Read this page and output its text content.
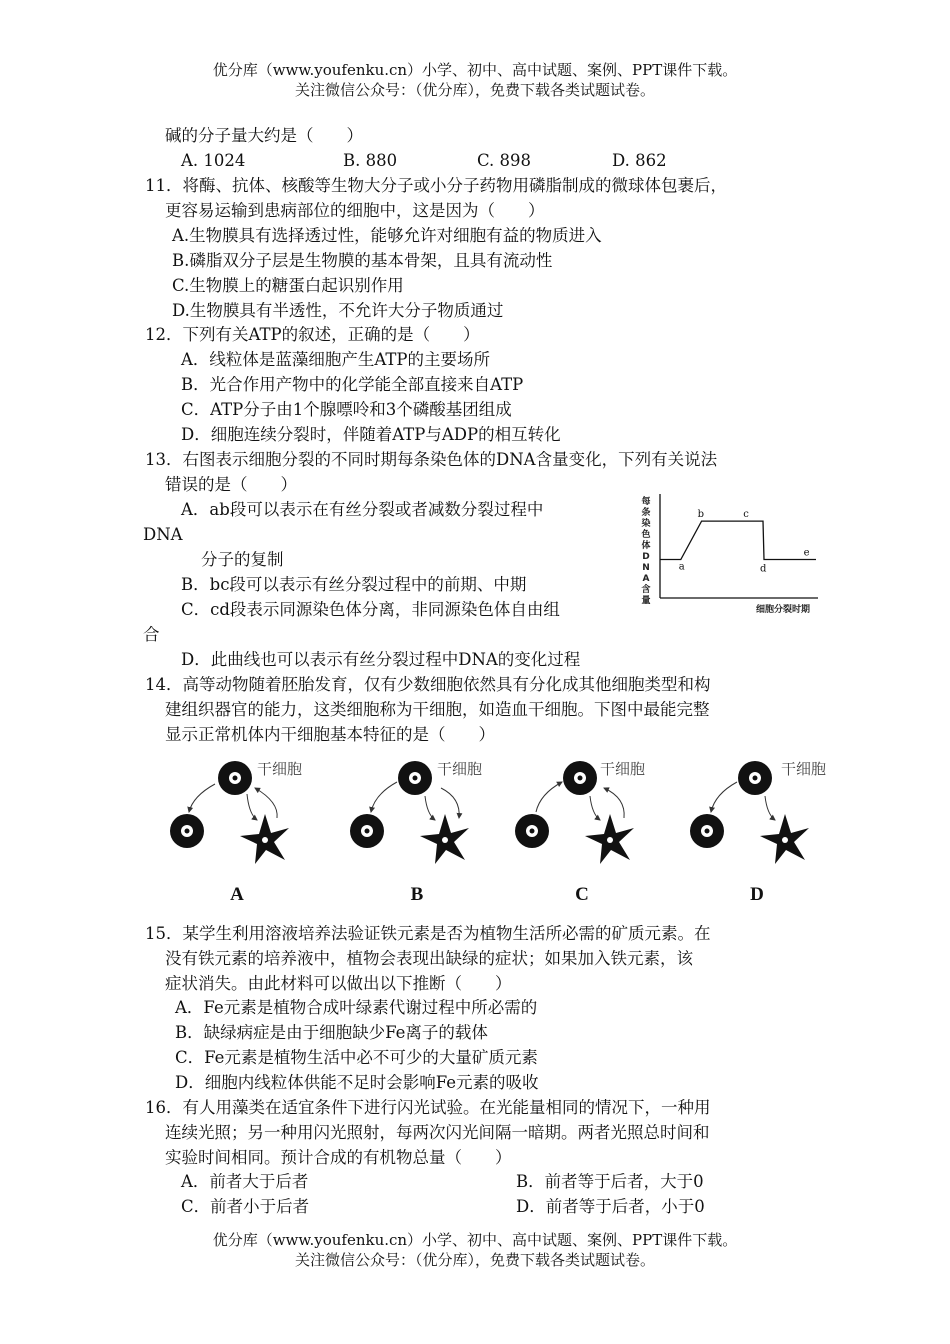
优分库（www.youfenku.cn）小学、初中、高中试题、案例、PPT课件下载。
关注微信公众号：（优分库），免费下载各类试题试卷。
碱的分子量大约是（　　）
A. 1024	B. 880	C. 898	D. 862
11．将酶、抗体、核酸等生物大分子或小分子药物用磷脂制成的微球体包裹后，
更容易运输到患病部位的细胞中，这是因为（　　）
A.生物膜具有选择透过性，能够允许对细胞有益的物质进入
B.磷脂双分子层是生物膜的基本骨架，且具有流动性
C.生物膜上的糖蛋白起识别作用
D.生物膜具有半透性，不允许大分子物质通过
12．下列有关ATP的叙述，正确的是（　　）
A．线粒体是蓝藻细胞产生ATP的主要场所
B．光合作用产物中的化学能全部直接来自ATP
C．ATP分子由1个腺嘌呤和3个磷酸基团组成
D．细胞连续分裂时，伴随着ATP与ADP的相互转化
13．右图表示细胞分裂的不同时期每条染色体的DNA含量变化，下列有关说法
错误的是（　　）
A．ab段可以表示在有丝分裂或者减数分裂过程中
DNA
分子的复制
B．bc段可以表示有丝分裂过程中的前期、中期
C．cd段表示同源染色体分离，非同源染色体自由组
合
D．此曲线也可以表示有丝分裂过程中DNA的变化过程
每
条
染
色
体
D
N
A
含
量
a
b	c
d
e
细胞分裂时期
14．高等动物随着胚胎发育，仅有少数细胞依然具有分化成其他细胞类型和构
建组织器官的能力，这类细胞称为干细胞，如造血干细胞。下图中最能完整
显示正常机体内干细胞基本特征的是（　　）
干细胞
A
干细胞
B
干细胞
C
干细胞
D
15．某学生利用溶液培养法验证铁元素是否为植物生活所必需的矿质元素。在
没有铁元素的培养液中，植物会表现出缺绿的症状；如果加入铁元素，该
症状消失。由此材料可以做出以下推断（　　）
A．Fe元素是植物合成叶绿素代谢过程中所必需的
B．缺绿病症是由于细胞缺少Fe离子的载体
C．Fe元素是植物生活中必不可少的大量矿质元素
D．细胞内线粒体供能不足时会影响Fe元素的吸收
16．有人用藻类在适宜条件下进行闪光试验。在光能量相同的情况下，一种用
连续光照；另一种用闪光照射，每两次闪光间隔一暗期。两者光照总时间和
实验时间相同。预计合成的有机物总量（　　）
A．前者大于后者	B．前者等于后者，大于0
C．前者小于后者	D．前者等于后者，小于0
优分库（www.youfenku.cn）小学、初中、高中试题、案例、PPT课件下载。
关注微信公众号：（优分库），免费下载各类试题试卷。
